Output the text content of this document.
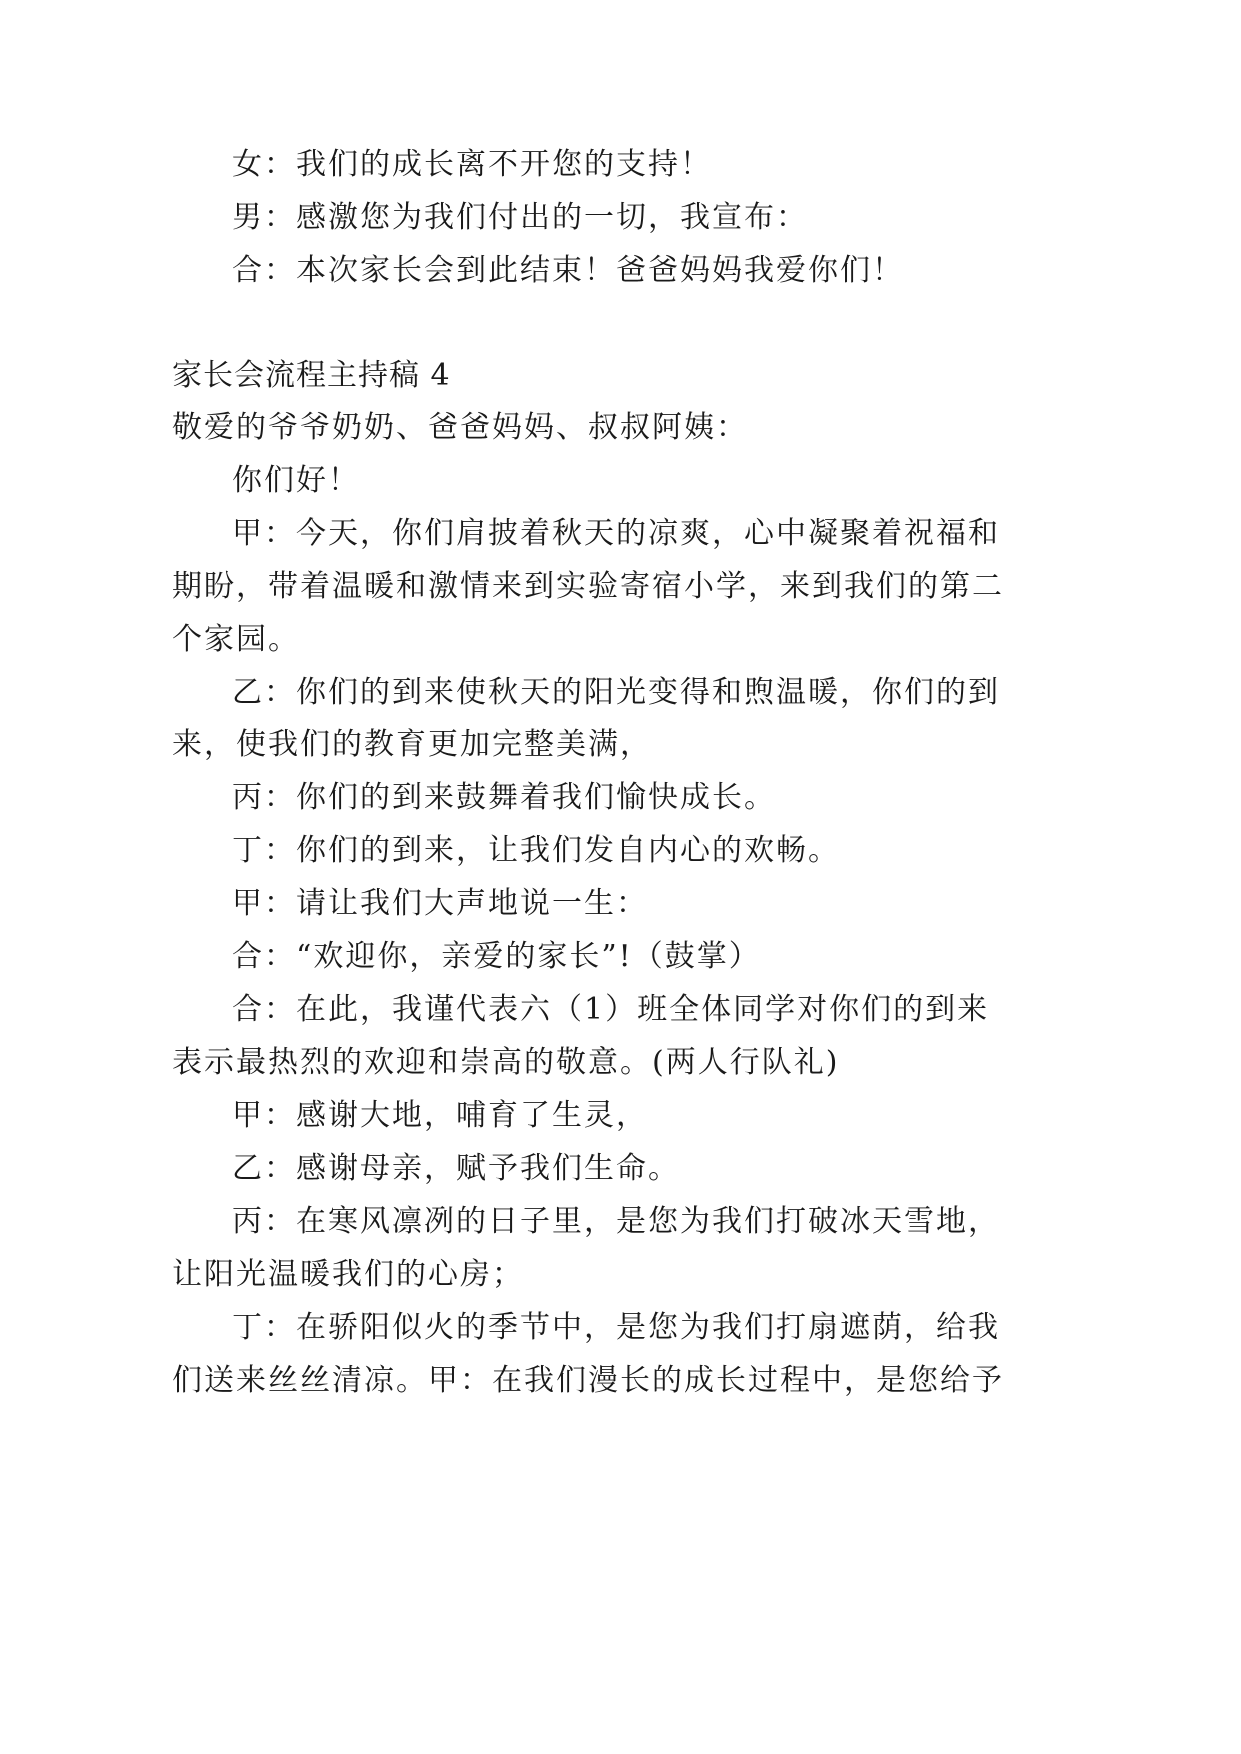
女：我们的成长离不开您的支持！
男：感激您为我们付出的一切，我宣布：
合：本次家长会到此结束！爸爸妈妈我爱你们！
家长会流程主持稿 4
敬爱的爷爷奶奶、爸爸妈妈、叔叔阿姨：
你们好！
甲：今天，你们肩披着秋天的凉爽，心中凝聚着祝福和
期盼，带着温暖和激情来到实验寄宿小学，来到我们的第二
个家园。
乙：你们的到来使秋天的阳光变得和煦温暖，你们的到
来，使我们的教育更加完整美满，
丙：你们的到来鼓舞着我们愉快成长。
丁：你们的到来，让我们发自内心的欢畅。
甲：请让我们大声地说一生：
合：“欢迎你，亲爱的家长”!（鼓掌）
合：在此，我谨代表六（1）班全体同学对你们的到来
表示最热烈的欢迎和崇高的敬意。(两人行队礼)
甲：感谢大地，哺育了生灵，
乙：感谢母亲，赋予我们生命。
丙：在寒风凛冽的日子里，是您为我们打破冰天雪地，
让阳光温暖我们的心房；
丁：在骄阳似火的季节中，是您为我们打扇遮荫，给我
们送来丝丝清凉。甲：在我们漫长的成长过程中，是您给予
